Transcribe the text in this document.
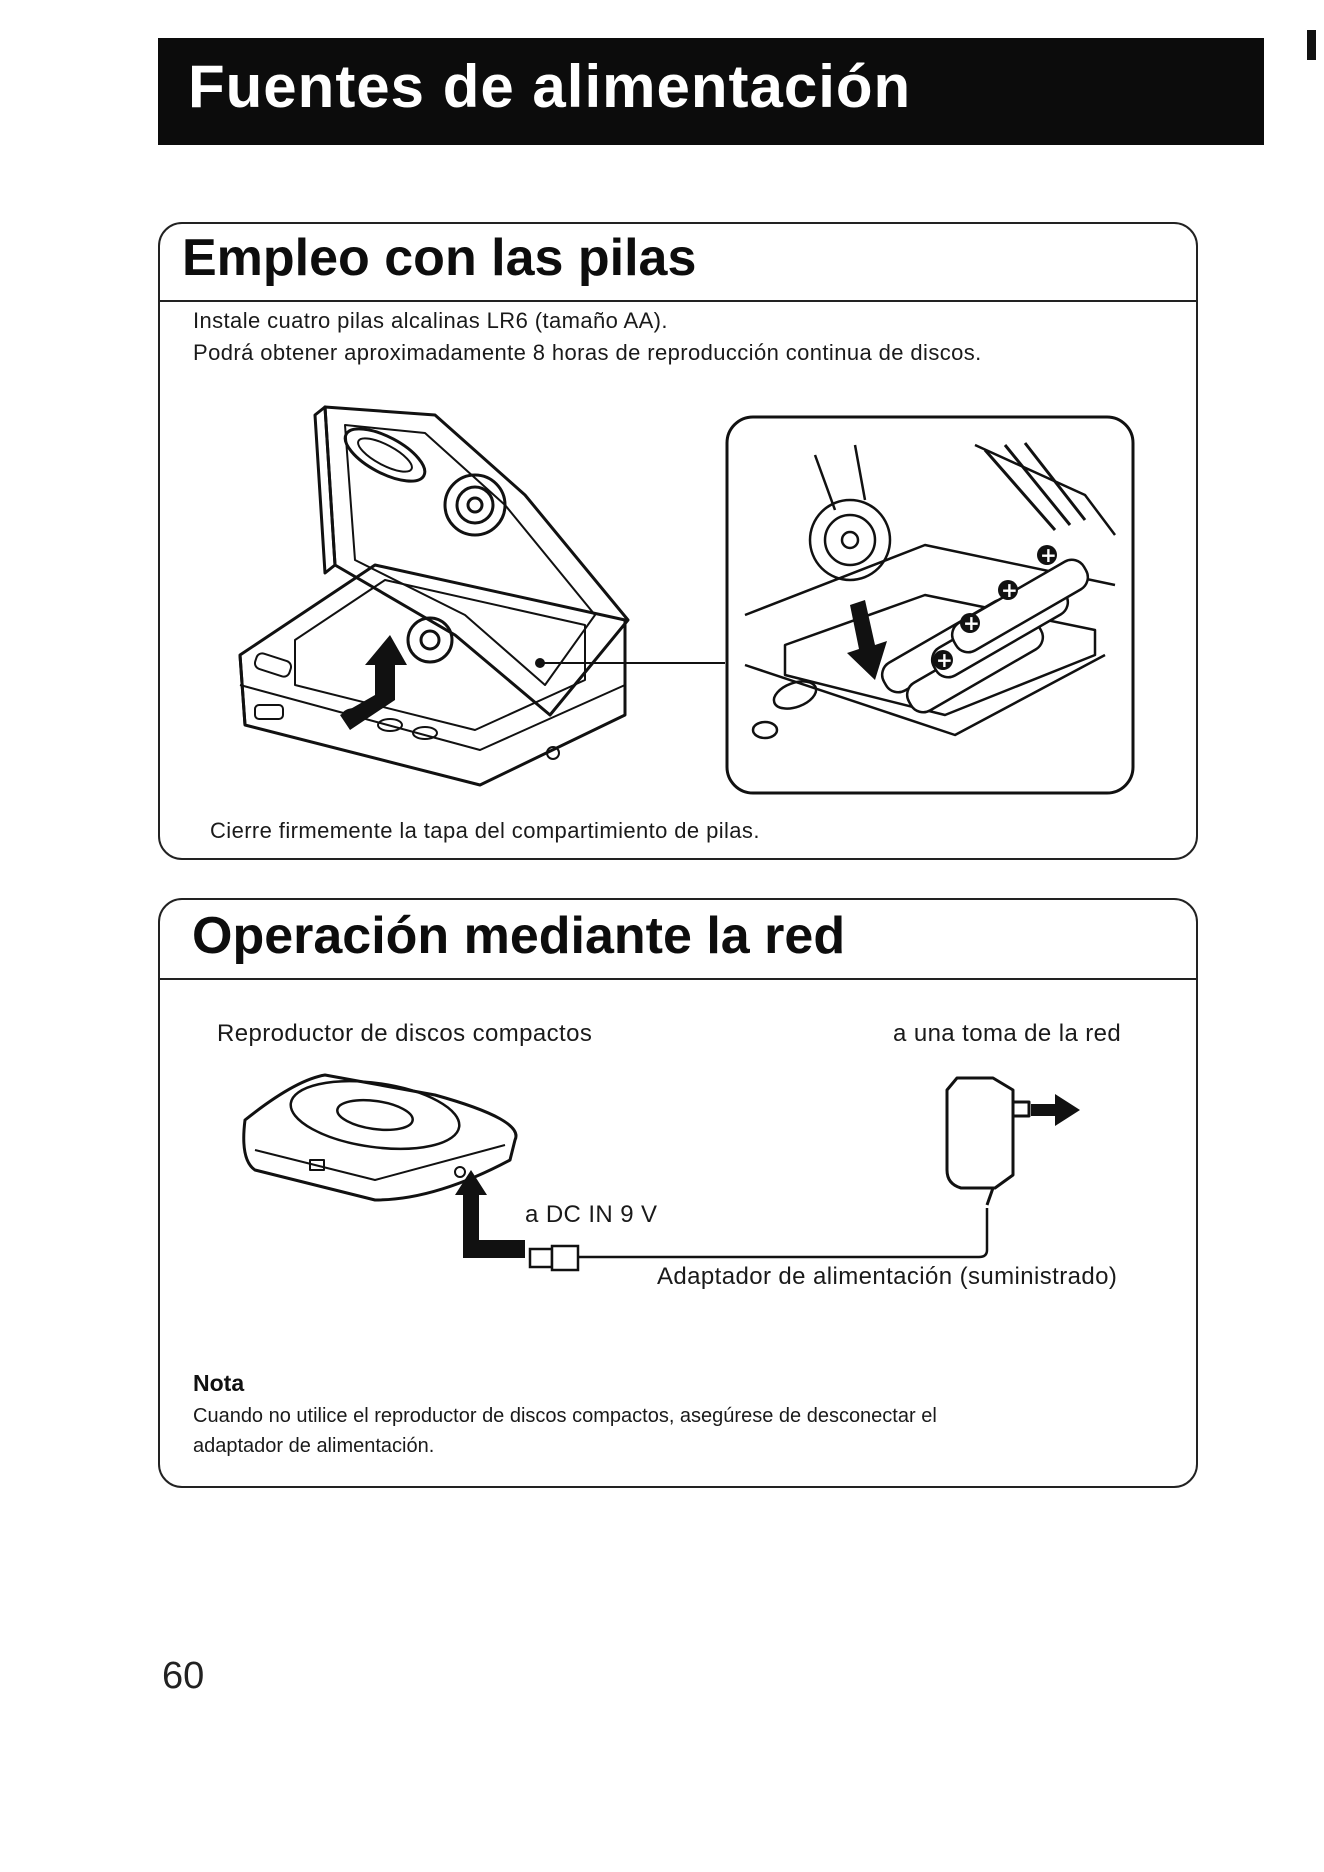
Fuentes de alimentación
Empleo con las pilas
Instale cuatro pilas alcalinas LR6 (tamaño AA).
Podrá obtener aproximadamente 8 horas de reproducción continua de discos.
+
+
+
+
Cierre firmemente la tapa del compartimiento de pilas.
Operación mediante la red
Reproductor de discos compactos	a una toma de la red
a DC IN 9 V
Adaptador de alimentación (suministrado)
Nota
Cuando no utilice el reproductor de discos compactos, asegúrese de desconectar el
adaptador de alimentación.
60
